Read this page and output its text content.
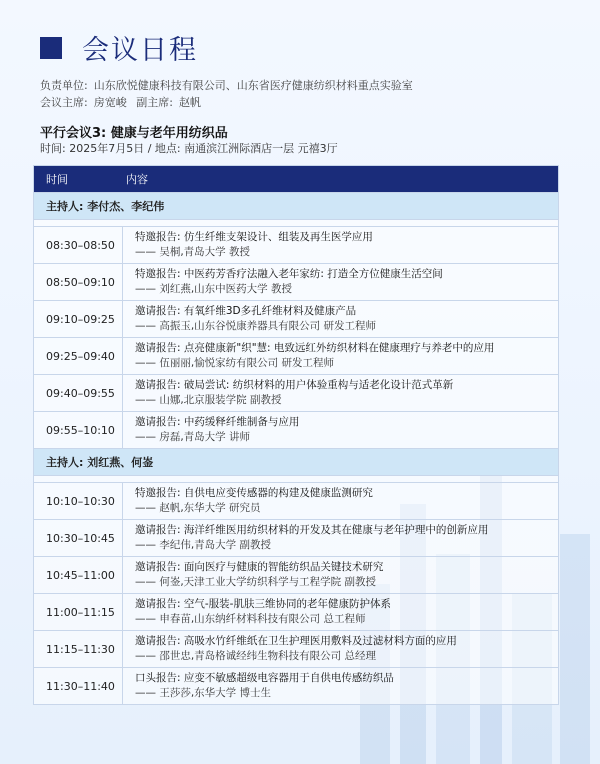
会议日程
负责单位: 山东欣悦健康科技有限公司、山东省医疗健康纺织材料重点实验室
会议主席: 房宽峻 副主席: 赵帆
平行会议3: 健康与老年用纺织品
时间: 2025年7月5日 / 地点: 南通滨江洲际酒店一层 元禧3厅
时间	内容
主持人: 李付杰、李纪伟
08:30–08:50
特邀报告: 仿生纤维支架设计、组装及再生医学应用
—— 吴桐,青岛大学 教授
08:50–09:10
特邀报告: 中医药芳香疗法融入老年家纺: 打造全方位健康生活空间
—— 刘红燕,山东中医药大学 教授
09:10–09:25
邀请报告: 有氧纤维3D多孔纤维材料及健康产品
—— 高振玉,山东谷悦康养器具有限公司 研发工程师
09:25–09:40
邀请报告: 点亮健康新"织"慧: 电致远红外纺织材料在健康理疗与养老中的应用
—— 伍丽丽,愉悦家纺有限公司 研发工程师
09:40–09:55
邀请报告: 破局尝试: 纺织材料的用户体验重构与适老化设计范式革新
—— 山娜,北京服装学院 副教授
09:55–10:10
邀请报告: 中药缓释纤维制备与应用
—— 房磊,青岛大学 讲师
主持人: 刘红燕、何崟
10:10–10:30
特邀报告: 自供电应变传感器的构建及健康监测研究
—— 赵帆,东华大学 研究员
10:30–10:45
邀请报告: 海洋纤维医用纺织材料的开发及其在健康与老年护理中的创新应用
—— 李纪伟,青岛大学 副教授
10:45–11:00
邀请报告: 面向医疗与健康的智能纺织品关键技术研究
—— 何崟,天津工业大学纺织科学与工程学院 副教授
11:00–11:15
邀请报告: 空气-服装-肌肤三维协同的老年健康防护体系
—— 申春苗,山东纳纤材料科技有限公司 总工程师
11:15–11:30
邀请报告: 高吸水竹纤维纸在卫生护理医用敷料及过滤材料方面的应用
—— 邵世忠,青岛格诚经纬生物科技有限公司 总经理
11:30–11:40
口头报告: 应变不敏感超级电容器用于自供电传感纺织品
—— 王莎莎,东华大学 博士生
